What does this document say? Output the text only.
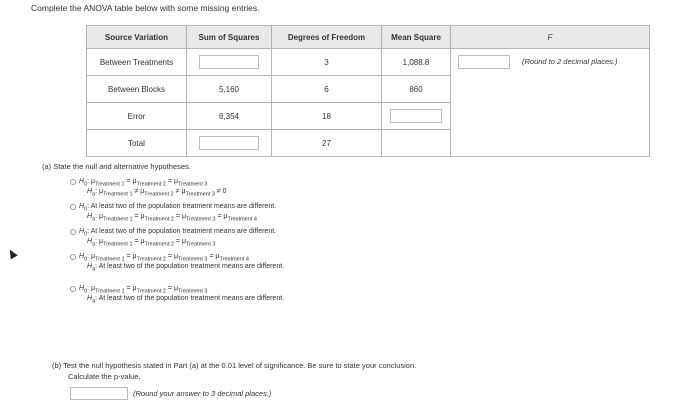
Complete the ANOVA table below with some missing entries.
Source Variation	Sum of Squares	Degrees of Freedom	Mean Square	F
Between Treatments		3	1,088.8	(Round to 2 decimal places.)

Between Blocks	5,160	6	860	
Error	6,354	18	

Total		27		
(a) State the null and alternative hypotheses.
$H_0$: $\mu_{Treatment 1} = \mu_{Treatment 2} = \mu_{Treatment 3}$
$H_a$: $\mu_{Treatment 1} \ne \mu_{Treatment 2} \ne \mu_{Treatment 3} \ne 0$
$H_0$: At least two of the population treatment means are different.
$H_a$: $\mu_{Treatment 1} = \mu_{Treatment 2} = \mu_{Treatment 3} = \mu_{Treatment 4}$
$H_0$: At least two of the population treatment means are different.
$H_a$: $\mu_{Treatment 1} = \mu_{Treatment 2} = \mu_{Treatment 3}$
$H_0$: $\mu_{Treatment 1} = \mu_{Treatment 2} = \mu_{Treatment 3} = \mu_{Treatment 4}$
$H_a$: At least two of the population treatment means are different.
$H_0$: $\mu_{Treatment 1} = \mu_{Treatment 2} = \mu_{Treatment 3}$
$H_a$: At least two of the population treatment means are different.
(b) Test the null hypothesis stated in Part (a) at the 0.01 level of significance. Be sure to state your conclusion.
Calculate the p-value.
(Round your answer to 3 decimal places.)
